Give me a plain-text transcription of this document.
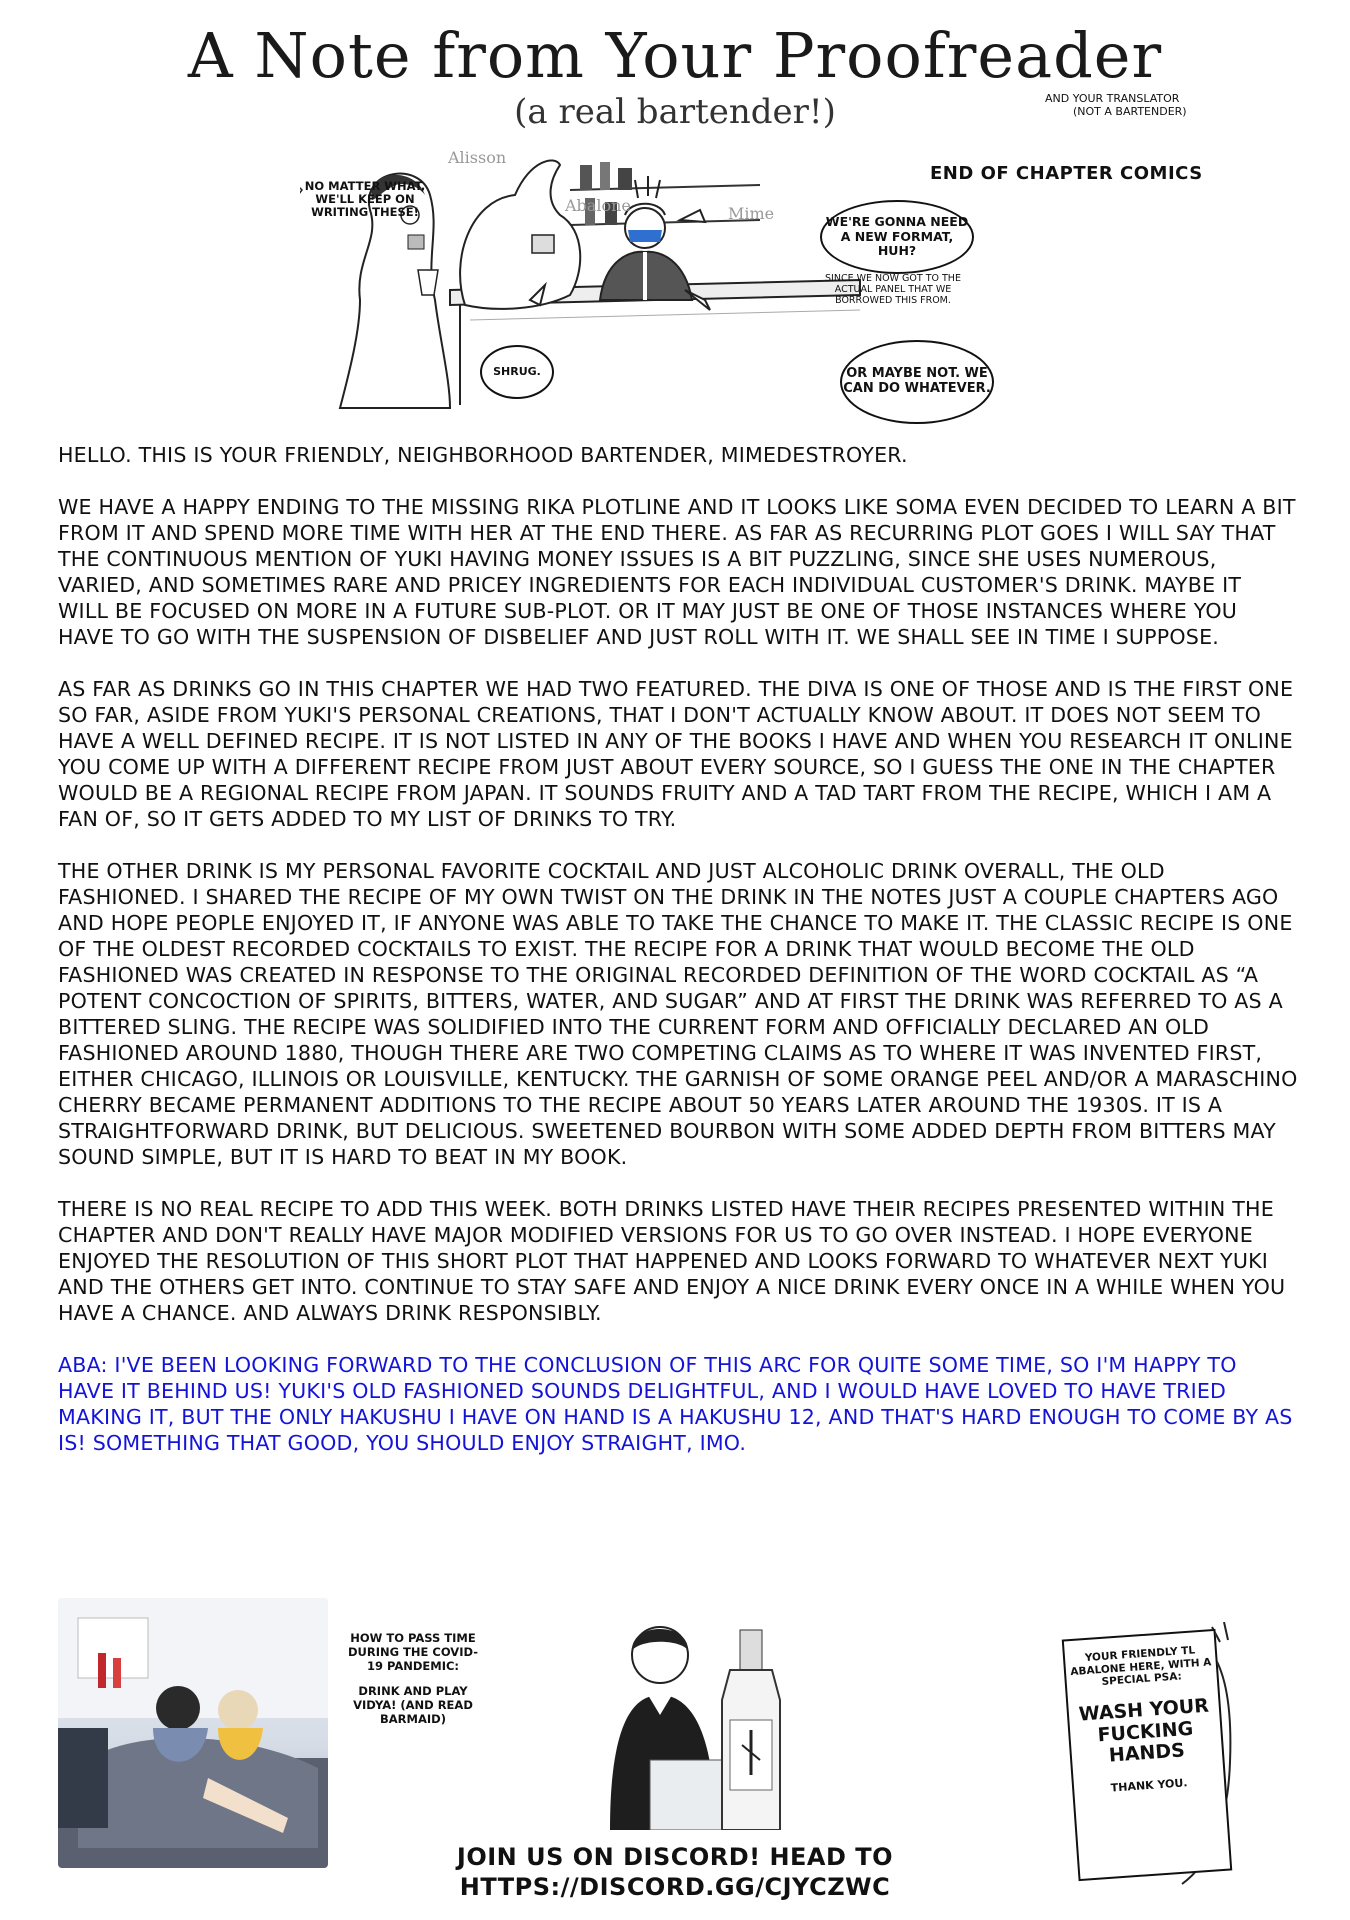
A Note from Your Proofreader
(a real bartender!)	AND YOUR TRANSLATOR
(NOT A BARTENDER)
END OF CHAPTER COMICS
Alisson
Abalone	Mime
NO MATTER WHAT, WE'LL KEEP ON WRITING THESE!
WE'RE GONNA NEED A NEW FORMAT, HUH?
SINCE WE NOW GOT TO THE ACTUAL PANEL THAT WE BORROWED THIS FROM.
SHRUG.	OR MAYBE NOT. WE CAN DO WHATEVER.

HELLO. THIS IS YOUR FRIENDLY, NEIGHBORHOOD BARTENDER, MIMEDESTROYER.

WE HAVE A HAPPY ENDING TO THE MISSING RIKA PLOTLINE AND IT LOOKS LIKE SOMA EVEN DECIDED TO LEARN A BIT FROM IT AND SPEND MORE TIME WITH HER AT THE END THERE. AS FAR AS RECURRING PLOT GOES I WILL SAY THAT THE CONTINUOUS MENTION OF YUKI HAVING MONEY ISSUES IS A BIT PUZZLING, SINCE SHE USES NUMEROUS, VARIED, AND SOMETIMES RARE AND PRICEY INGREDIENTS FOR EACH INDIVIDUAL CUSTOMER'S DRINK. MAYBE IT WILL BE FOCUSED ON MORE IN A FUTURE SUB-PLOT. OR IT MAY JUST BE ONE OF THOSE INSTANCES WHERE YOU HAVE TO GO WITH THE SUSPENSION OF DISBELIEF AND JUST ROLL WITH IT. WE SHALL SEE IN TIME I SUPPOSE.

AS FAR AS DRINKS GO IN THIS CHAPTER WE HAD TWO FEATURED. THE DIVA IS ONE OF THOSE AND IS THE FIRST ONE SO FAR, ASIDE FROM YUKI'S PERSONAL CREATIONS, THAT I DON'T ACTUALLY KNOW ABOUT. IT DOES NOT SEEM TO HAVE A WELL DEFINED RECIPE. IT IS NOT LISTED IN ANY OF THE BOOKS I HAVE AND WHEN YOU RESEARCH IT ONLINE YOU COME UP WITH A DIFFERENT RECIPE FROM JUST ABOUT EVERY SOURCE, SO I GUESS THE ONE IN THE CHAPTER WOULD BE A REGIONAL RECIPE FROM JAPAN. IT SOUNDS FRUITY AND A TAD TART FROM THE RECIPE, WHICH I AM A FAN OF, SO IT GETS ADDED TO MY LIST OF DRINKS TO TRY.

THE OTHER DRINK IS MY PERSONAL FAVORITE COCKTAIL AND JUST ALCOHOLIC DRINK OVERALL, THE OLD FASHIONED. I SHARED THE RECIPE OF MY OWN TWIST ON THE DRINK IN THE NOTES JUST A COUPLE CHAPTERS AGO AND HOPE PEOPLE ENJOYED IT, IF ANYONE WAS ABLE TO TAKE THE CHANCE TO MAKE IT. THE CLASSIC RECIPE IS ONE OF THE OLDEST RECORDED COCKTAILS TO EXIST. THE RECIPE FOR A DRINK THAT WOULD BECOME THE OLD FASHIONED WAS CREATED IN RESPONSE TO THE ORIGINAL RECORDED DEFINITION OF THE WORD COCKTAIL AS “A POTENT CONCOCTION OF SPIRITS, BITTERS, WATER, AND SUGAR” AND AT FIRST THE DRINK WAS REFERRED TO AS A BITTERED SLING. THE RECIPE WAS SOLIDIFIED INTO THE CURRENT FORM AND OFFICIALLY DECLARED AN OLD FASHIONED AROUND 1880, THOUGH THERE ARE TWO COMPETING CLAIMS AS TO WHERE IT WAS INVENTED FIRST, EITHER CHICAGO, ILLINOIS OR LOUISVILLE, KENTUCKY. THE GARNISH OF SOME ORANGE PEEL AND/OR A MARASCHINO CHERRY BECAME PERMANENT ADDITIONS TO THE RECIPE ABOUT 50 YEARS LATER AROUND THE 1930S. IT IS A STRAIGHTFORWARD DRINK, BUT DELICIOUS. SWEETENED BOURBON WITH SOME ADDED DEPTH FROM BITTERS MAY SOUND SIMPLE, BUT IT IS HARD TO BEAT IN MY BOOK.

THERE IS NO REAL RECIPE TO ADD THIS WEEK. BOTH DRINKS LISTED HAVE THEIR RECIPES PRESENTED WITHIN THE CHAPTER AND DON'T REALLY HAVE MAJOR MODIFIED VERSIONS FOR US TO GO OVER INSTEAD. I HOPE EVERYONE ENJOYED THE RESOLUTION OF THIS SHORT PLOT THAT HAPPENED AND LOOKS FORWARD TO WHATEVER NEXT YUKI AND THE OTHERS GET INTO. CONTINUE TO STAY SAFE AND ENJOY A NICE DRINK EVERY ONCE IN A WHILE WHEN YOU HAVE A CHANCE. AND ALWAYS DRINK RESPONSIBLY.

ABA: I'VE BEEN LOOKING FORWARD TO THE CONCLUSION OF THIS ARC FOR QUITE SOME TIME, SO I'M HAPPY TO HAVE IT BEHIND US! YUKI'S OLD FASHIONED SOUNDS DELIGHTFUL, AND I WOULD HAVE LOVED TO HAVE TRIED MAKING IT, BUT THE ONLY HAKUSHU I HAVE ON HAND IS A HAKUSHU 12, AND THAT'S HARD ENOUGH TO COME BY AS IS! SOMETHING THAT GOOD, YOU SHOULD ENJOY STRAIGHT, IMO.

HOW TO PASS TIME DURING THE COVID-19 PANDEMIC:

DRINK AND PLAY VIDYA! (AND READ BARMAID)

JOIN US ON DISCORD! HEAD TO
HTTPS://DISCORD.GG/CJYCZWC
YOUR FRIENDLY TL ABALONE HERE, WITH A SPECIAL PSA:
WASH YOUR FUCKING HANDS
THANK YOU.
